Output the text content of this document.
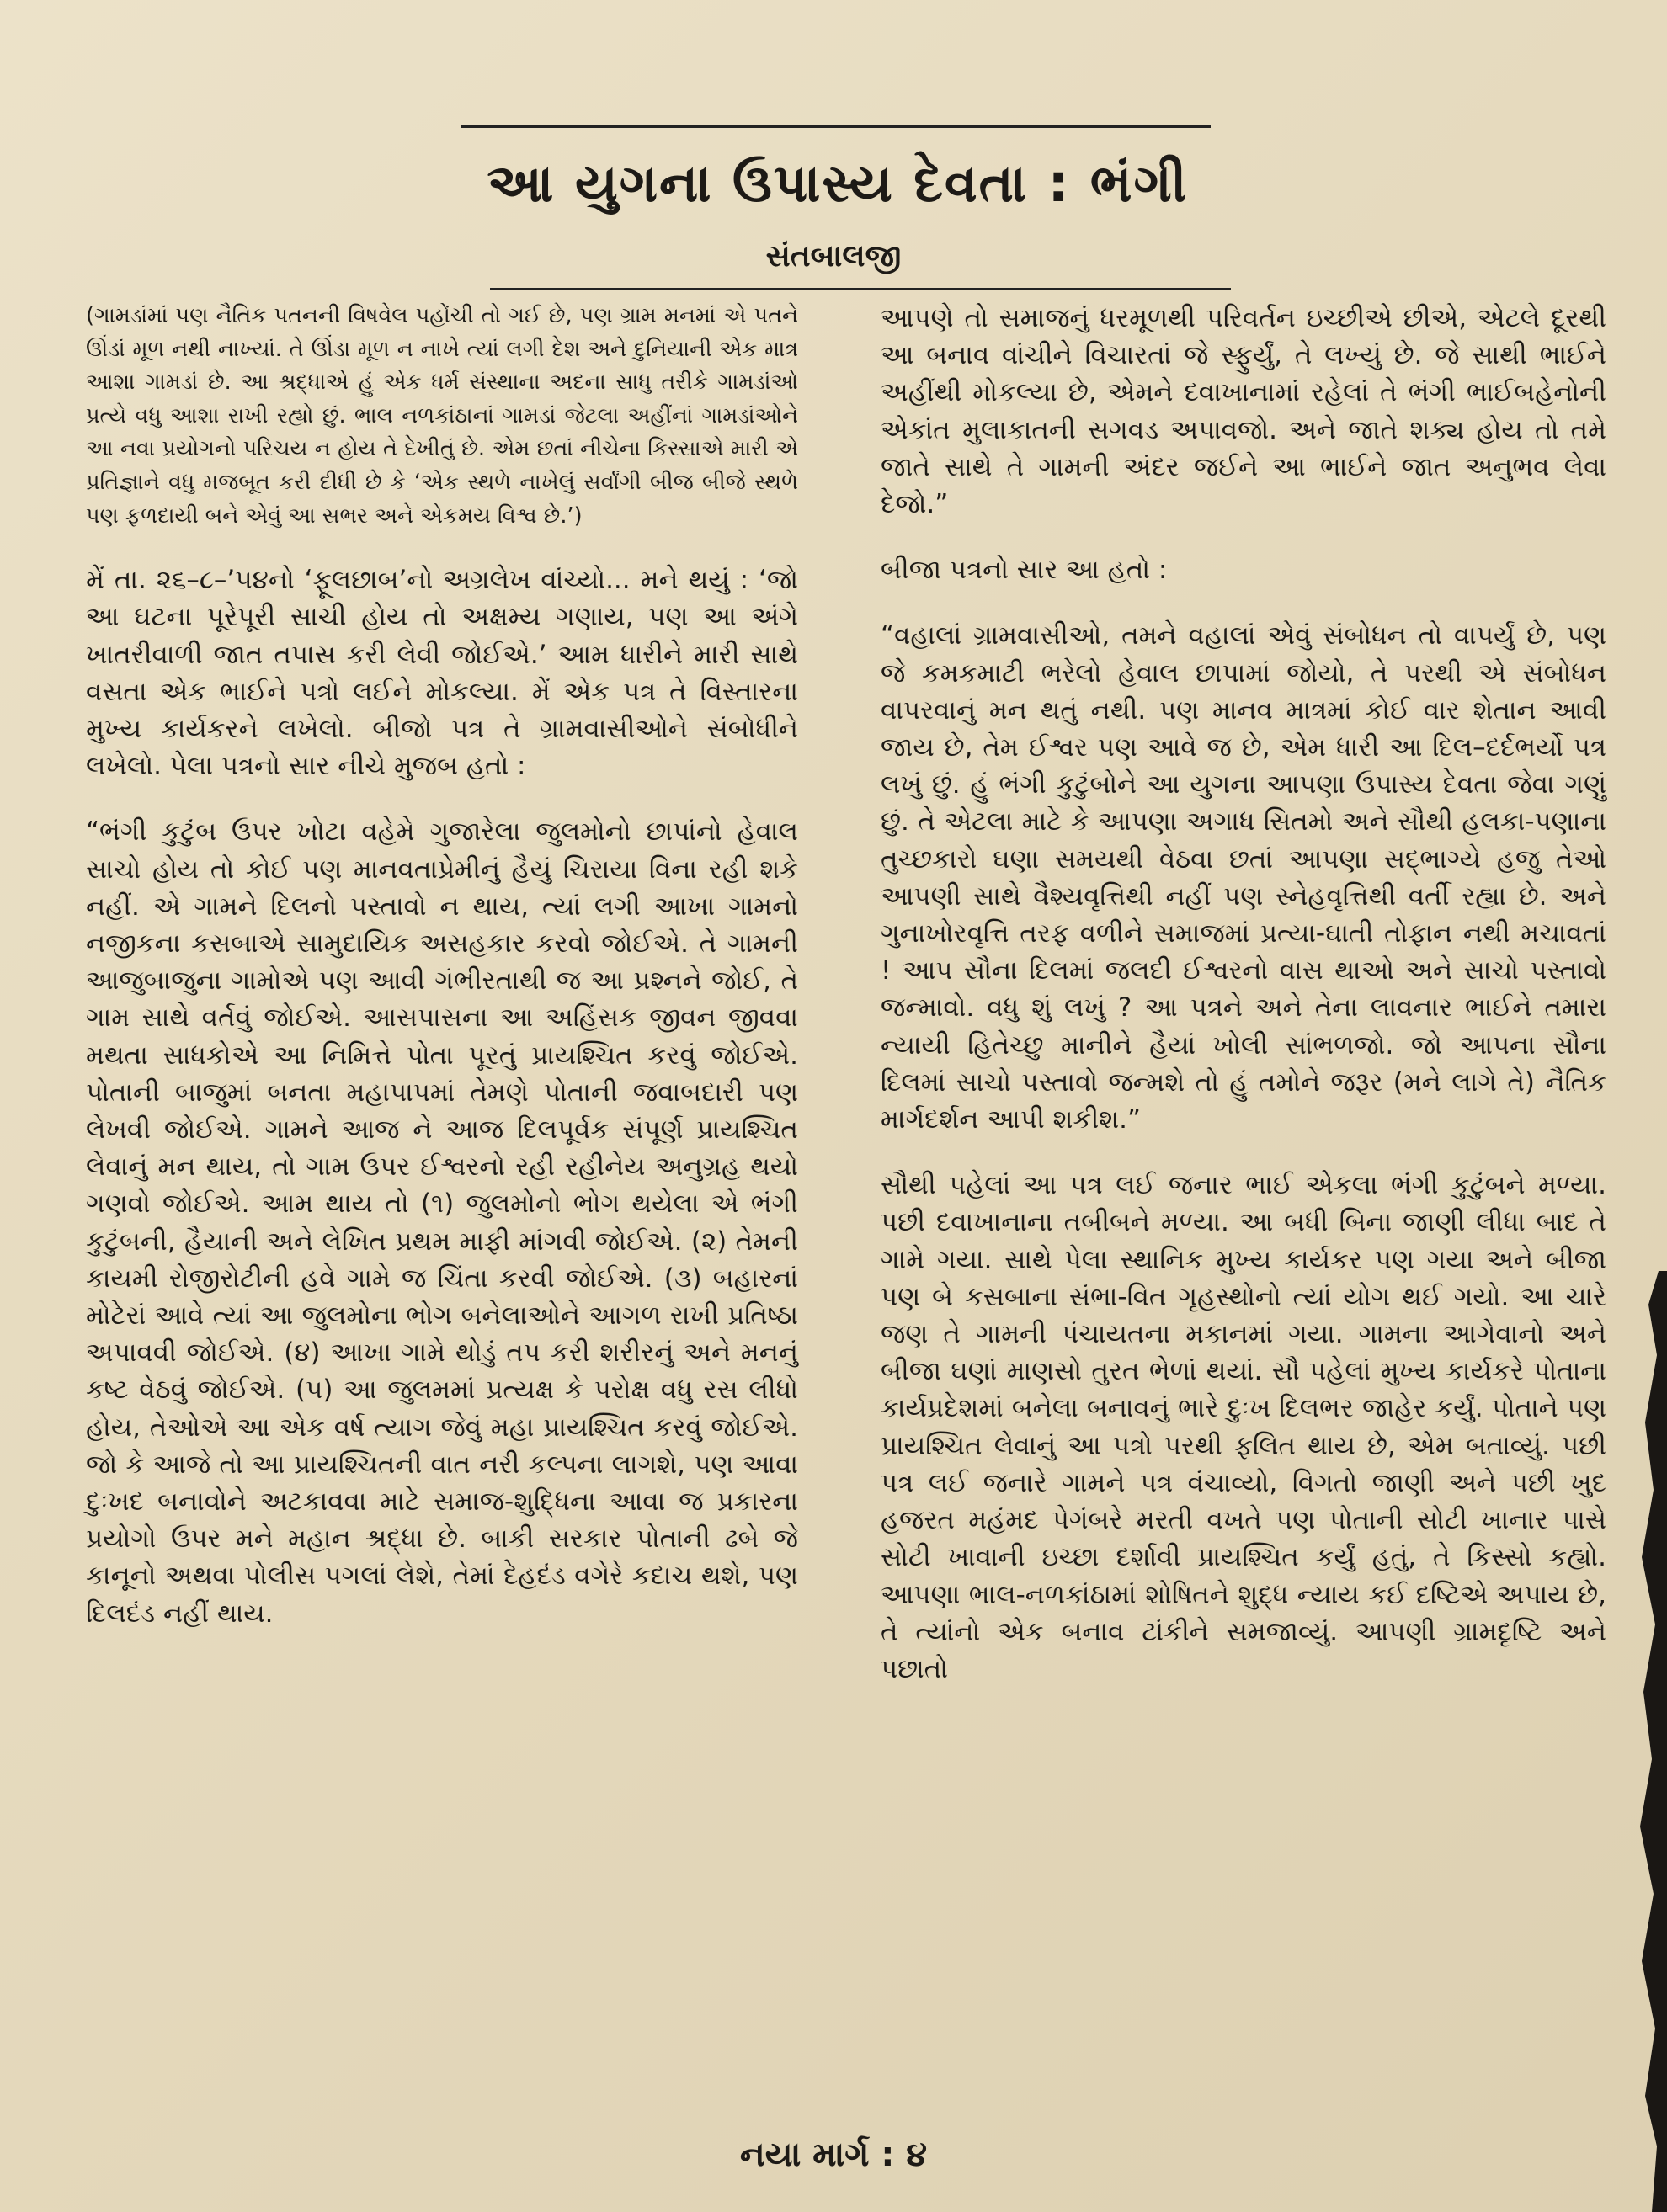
આ યુગના ઉપાસ્ય દેવતા : ભંગી
સંતબાલજી

(ગામડાંમાં પણ નૈતિક પતનની વિષવેલ પહોંચી તો ગઈ છે, પણ ગ્રામ મનમાં એ પતને ઊંડાં મૂળ નથી નાખ્યાં. તે ઊંડા મૂળ ન નાખે ત્યાં લગી દેશ અને દુનિયાની એક માત્ર આશા ગામડાં છે. આ શ્રદ્ધાએ હું એક ધર્મ સંસ્થાના અદના સાધુ તરીકે ગામડાંઓ પ્રત્યે વધુ આશા રાખી રહ્યો છું. ભાલ નળકાંઠાનાં ગામડાં જેટલા અહીંનાં ગામડાંઓને આ નવા પ્રયોગનો પરિચય ન હોય તે દેખીતું છે. એમ છતાં નીચેના કિસ્સાએ મારી એ પ્રતિજ્ઞાને વધુ મજબૂત કરી દીધી છે કે ‘એક સ્થળે નાખેલું સર્વાંગી બીજ બીજે સ્થળે પણ ફળદાયી બને એવું આ સભર અને એકમય વિશ્વ છે.’)

મેં તા. ૨૬–૮–’૫૪નો ‘ફૂલછાબ’નો અગ્રલેખ વાંચ્યો... મને થયું : ‘જો આ ઘટના પૂરેપૂરી સાચી હોય તો અક્ષમ્ય ગણાય, પણ આ અંગે ખાતરીવાળી જાત તપાસ કરી લેવી જોઈએ.’ આમ ધારીને મારી સાથે વસતા એક ભાઈને પત્રો લઈને મોકલ્યા. મેં એક પત્ર તે વિસ્તારના મુખ્ય કાર્યકરને લખેલો. બીજો પત્ર તે ગ્રામવાસીઓને સંબોધીને લખેલો. પેલા પત્રનો સાર નીચે મુજબ હતો :

“ભંગી કુટુંબ ઉપર ખોટા વહેમે ગુજારેલા જુલમોનો છાપાંનો હેવાલ સાચો હોય તો કોઈ પણ માનવતાપ્રેમીનું હૈયું ચિરાયા વિના રહી શકે નહીં. એ ગામને દિલનો પસ્તાવો ન થાય, ત્યાં લગી આખા ગામનો નજીકના કસબાએ સામુદાયિક અસહકાર કરવો જોઈએ. તે ગામની આજુબાજુના ગામોએ પણ આવી ગંભીરતાથી જ આ પ્રશ્નને જોઈ, તે ગામ સાથે વર્તવું જોઈએ. આસપાસના આ અહિંસક જીવન જીવવા મથતા સાધકોએ આ નિમિત્તે પોતા પૂરતું પ્રાયશ્ચિત કરવું જોઈએ. પોતાની બાજુમાં બનતા મહાપાપમાં તેમણે પોતાની જવાબદારી પણ લેખવી જોઈએ. ગામને આજ ને આજ દિલપૂર્વક સંપૂર્ણ પ્રાયશ્ચિત લેવાનું મન થાય, તો ગામ ઉપર ઈશ્વરનો રહી રહીનેય અનુગ્રહ થયો ગણવો જોઈએ. આમ થાય તો (૧) જુલમોનો ભોગ થયેલા એ ભંગી કુટુંબની, હૈયાની અને લેખિત પ્રથમ માફી માંગવી જોઈએ. (૨) તેમની કાયમી રોજીરોટીની હવે ગામે જ ચિંતા કરવી જોઈએ. (૩) બહારનાં મોટેરાં આવે ત્યાં આ જુલમોના ભોગ બનેલાઓને આગળ રાખી પ્રતિષ્ઠા અપાવવી જોઈએ. (૪) આખા ગામે થોડું તપ કરી શરીરનું અને મનનું કષ્ટ વેઠવું જોઈએ. (૫) આ જુલમમાં પ્રત્યક્ષ કે પરોક્ષ વધુ રસ લીધો હોય, તેઓએ આ એક વર્ષ ત્યાગ જેવું મહા પ્રાયશ્ચિત કરવું જોઈએ. જો કે આજે તો આ પ્રાયશ્ચિતની વાત નરી કલ્પના લાગશે, પણ આવા દુઃખદ બનાવોને અટકાવવા માટે સમાજ-શુદ્ધિના આવા જ પ્રકારના પ્રયોગો ઉપર મને મહાન શ્રદ્ધા છે. બાકી સરકાર પોતાની ઢબે જે કાનૂનો અથવા પોલીસ પગલાં લેશે, તેમાં દેહદંડ વગેરે કદાચ થશે, પણ દિલદંડ નહીં થાય.

આપણે તો સમાજનું ધરમૂળથી પરિવર્તન ઇચ્છીએ છીએ, એટલે દૂરથી આ બનાવ વાંચીને વિચારતાં જે સ્ફુર્યું, તે લખ્યું છે. જે સાથી ભાઈને અહીંથી મોકલ્યા છે, એમને દવાખાનામાં રહેલાં તે ભંગી ભાઈબહેનોની એકાંત મુલાકાતની સગવડ અપાવજો. અને જાતે શક્ય હોય તો તમે જાતે સાથે તે ગામની અંદર જઈને આ ભાઈને જાત અનુભવ લેવા દેજો.”

બીજા પત્રનો સાર આ હતો :

“વહાલાં ગ્રામવાસીઓ, તમને વહાલાં એવું સંબોધન તો વાપર્યું છે, પણ જે કમકમાટી ભરેલો હેવાલ છાપામાં જોયો, તે પરથી એ સંબોધન વાપરવાનું મન થતું નથી. પણ માનવ માત્રમાં કોઈ વાર શેતાન આવી જાય છે, તેમ ઈશ્વર પણ આવે જ છે, એમ ધારી આ દિલ–દર્દભર્યો પત્ર લખું છું. હું ભંગી કુટુંબોને આ યુગના આપણા ઉપાસ્ય દેવતા જેવા ગણું છું. તે એટલા માટે કે આપણા અગાધ સિતમો અને સૌથી હલકા-પણાના તુચ્છકારો ઘણા સમયથી વેઠવા છતાં આપણા સદ્ભાગ્યે હજુ તેઓ આપણી સાથે વૈશ્યવૃત્તિથી નહીં પણ સ્નેહવૃત્તિથી વર્તી રહ્યા છે. અને ગુનાખોરવૃત્તિ તરફ વળીને સમાજમાં પ્રત્યા-ઘાતી તોફાન નથી મચાવતાં ! આપ સૌના દિલમાં જલદી ઈશ્વરનો વાસ થાઓ અને સાચો પસ્તાવો જન્માવો. વધુ શું લખું ? આ પત્રને અને તેના લાવનાર ભાઈને તમારા ન્યાયી હિતેચ્છુ માનીને હૈયાં ખોલી સાંભળજો. જો આપના સૌના દિલમાં સાચો પસ્તાવો જન્મશે તો હું તમોને જરૂર (મને લાગે તે) નૈતિક માર્ગદર્શન આપી શકીશ.”

સૌથી પહેલાં આ પત્ર લઈ જનાર ભાઈ એકલા ભંગી કુટુંબને મળ્યા. પછી દવાખાનાના તબીબને મળ્યા. આ બધી બિના જાણી લીધા બાદ તે ગામે ગયા. સાથે પેલા સ્થાનિક મુખ્ય કાર્યકર પણ ગયા અને બીજા પણ બે કસબાના સંભા-વિત ગૃહસ્થોનો ત્યાં યોગ થઈ ગયો. આ ચારે જણ તે ગામની પંચાયતના મકાનમાં ગયા. ગામના આગેવાનો અને બીજા ઘણાં માણસો તુરત ભેળાં થયાં. સૌ પહેલાં મુખ્ય કાર્યકરે પોતાના કાર્યપ્રદેશમાં બનેલા બનાવનું ભારે દુઃખ દિલભર જાહેર કર્યું. પોતાને પણ પ્રાયશ્ચિત લેવાનું આ પત્રો પરથી ફલિત થાય છે, એમ બતાવ્યું. પછી પત્ર લઈ જનારે ગામને પત્ર વંચાવ્યો, વિગતો જાણી અને પછી ખુદ હજરત મહંમદ પેગંબરે મરતી વખતે પણ પોતાની સોટી ખાનાર પાસે સોટી ખાવાની ઇચ્છા દર્શાવી પ્રાયશ્ચિત કર્યું હતું, તે કિસ્સો કહ્યો. આપણા ભાલ-નળકાંઠામાં શોષિતને શુદ્ધ ન્યાય કઈ દષ્ટિએ અપાય છે, તે ત્યાંનો એક બનાવ ટાંકીને સમજાવ્યું. આપણી ગ્રામદૃષ્ટિ અને પછાતો

નયા માર્ગ : ૪
